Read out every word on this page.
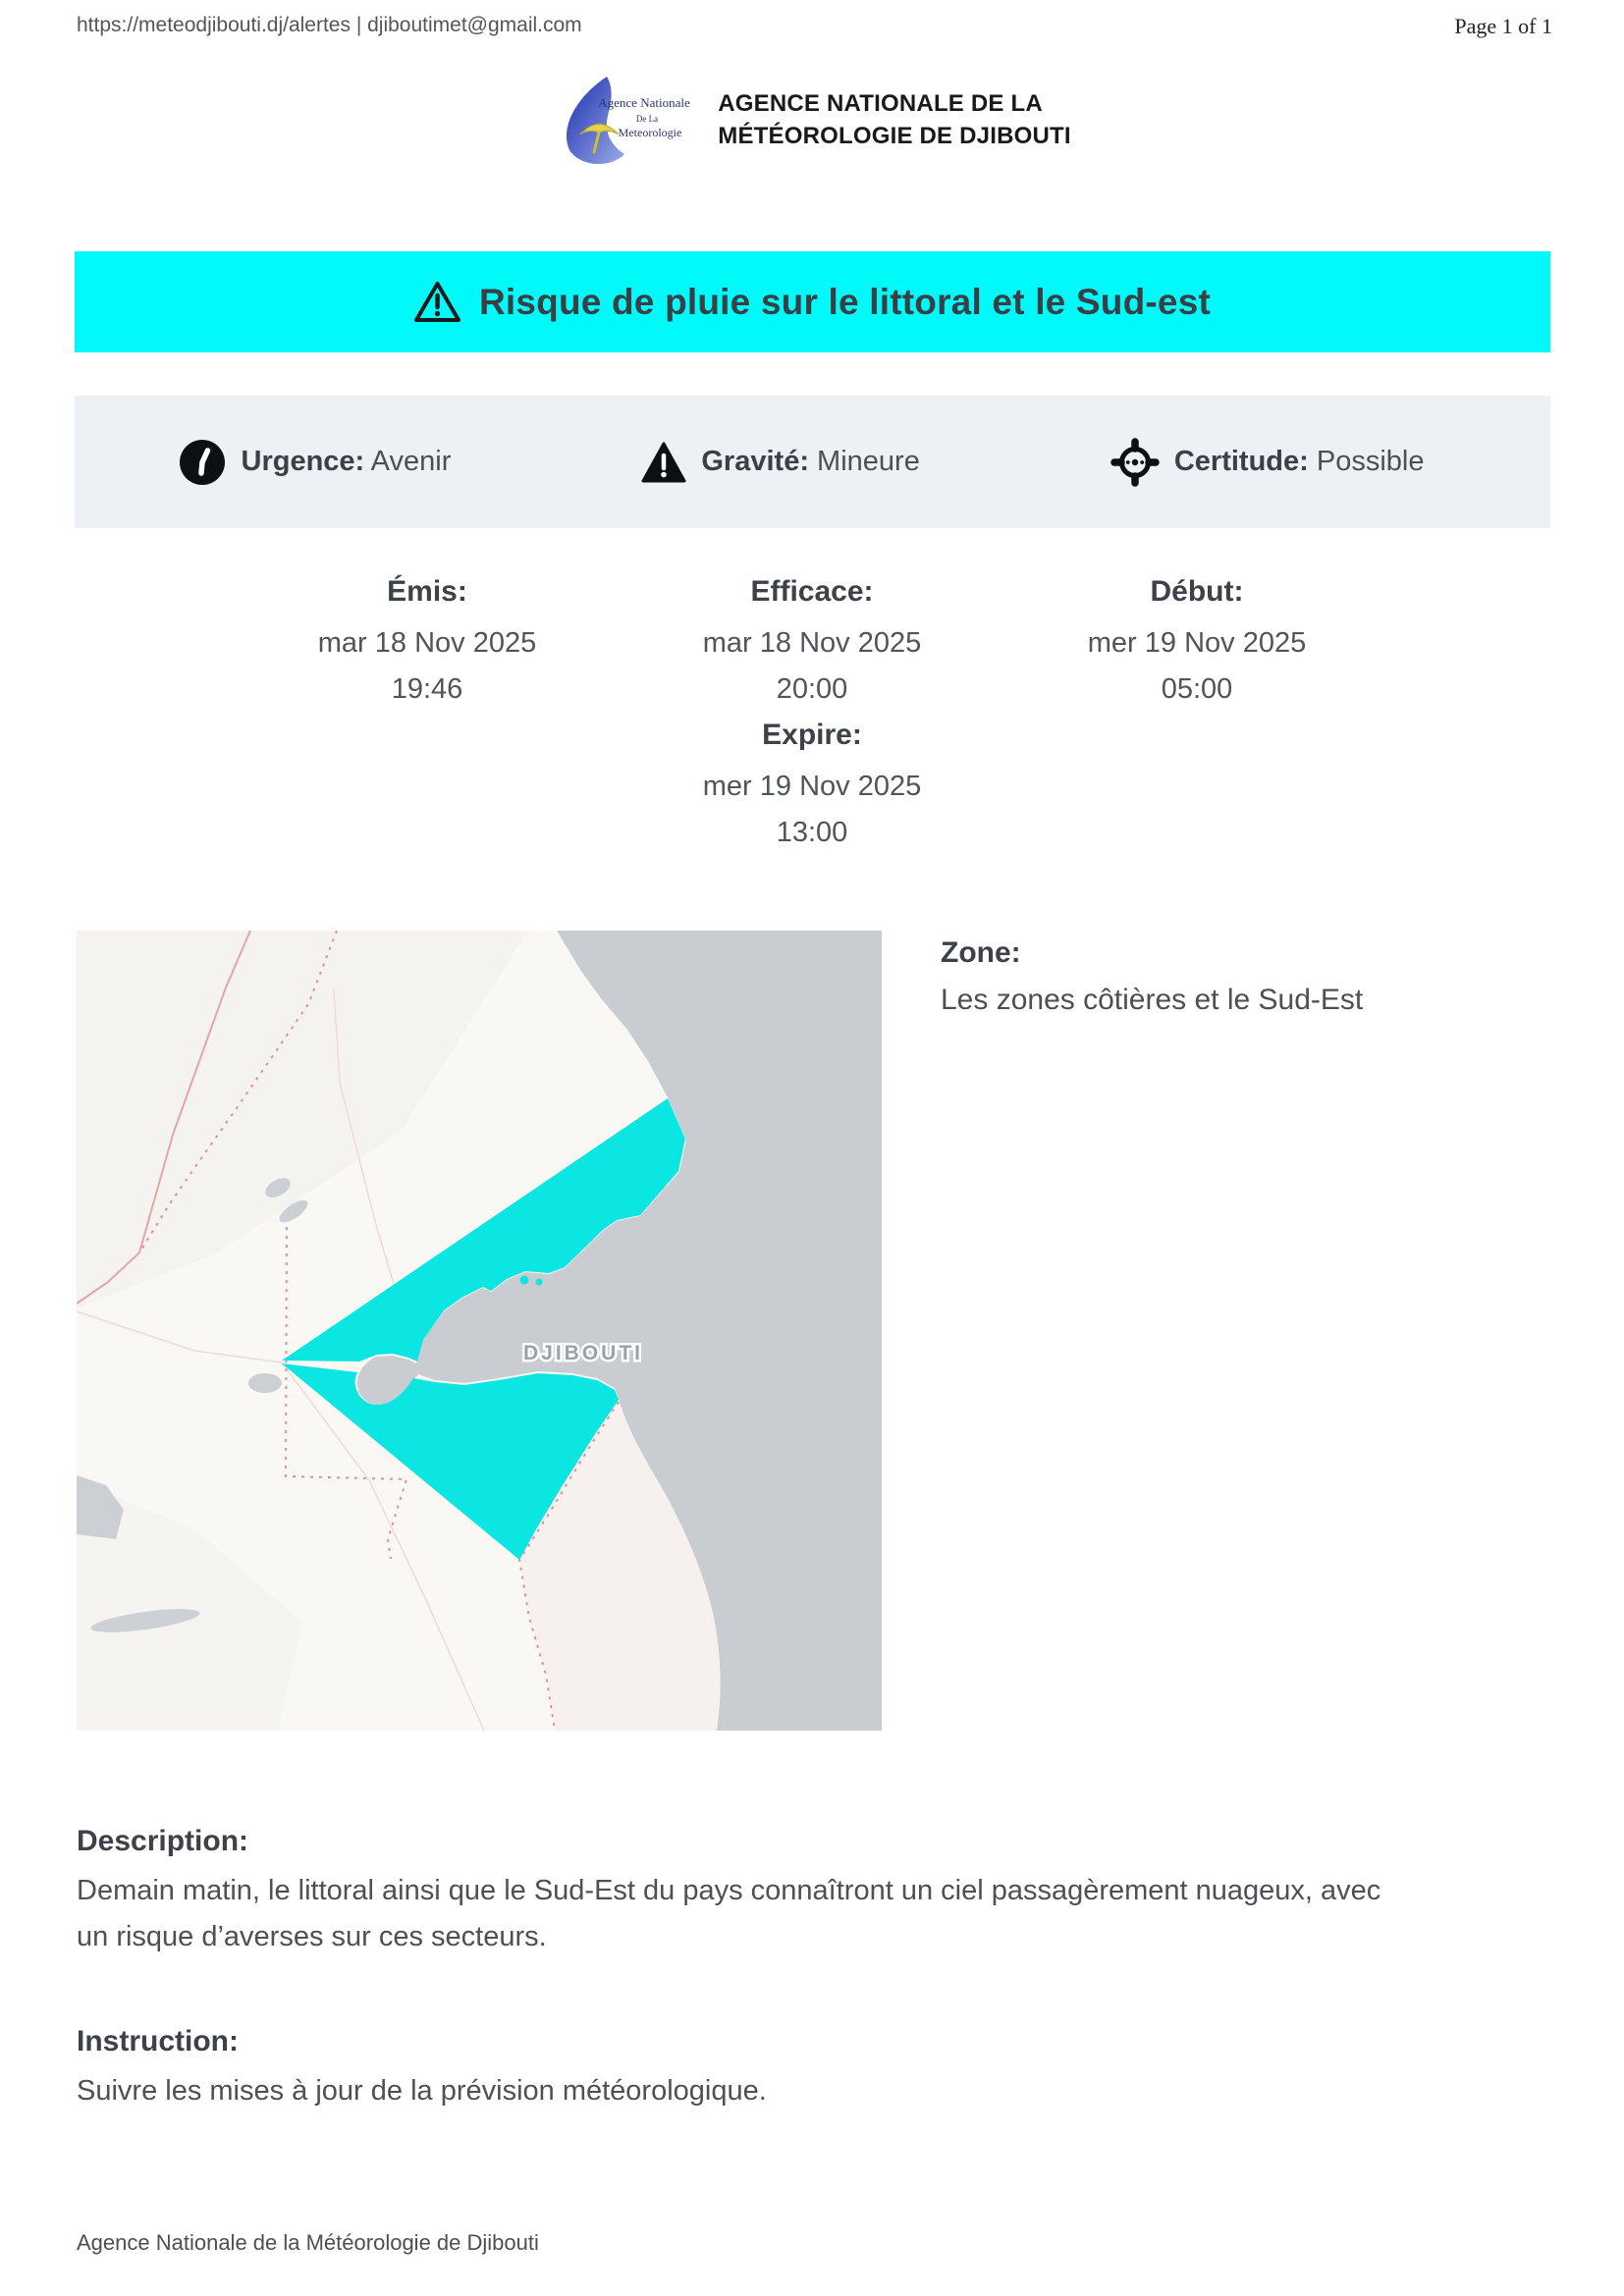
https://meteodjibouti.dj/alertes | djiboutimet@gmail.com	Page 1 of 1
Agence Nationale
De La
Meteorologie
AGENCE NATIONALE DE LA
MÉTÉOROLOGIE DE DJIBOUTI
Risque de pluie sur le littoral et le Sud-est
Urgence: Avenir	Gravité: Mineure	Certitude: Possible
Émis:
mar 18 Nov 2025
19:46
Efficace:
mar 18 Nov 2025
20:00
Début:
mer 19 Nov 2025
05:00
Expire:
mer 19 Nov 2025
13:00
DJIBOUTI
Zone:
Les zones côtières et le Sud-Est
Description:
Demain matin, le littoral ainsi que le Sud-Est du pays connaîtront un ciel passagèrement nuageux, avec un risque d’averses sur ces secteurs.
Instruction:
Suivre les mises à jour de la prévision météorologique.
Agence Nationale de la Météorologie de Djibouti
